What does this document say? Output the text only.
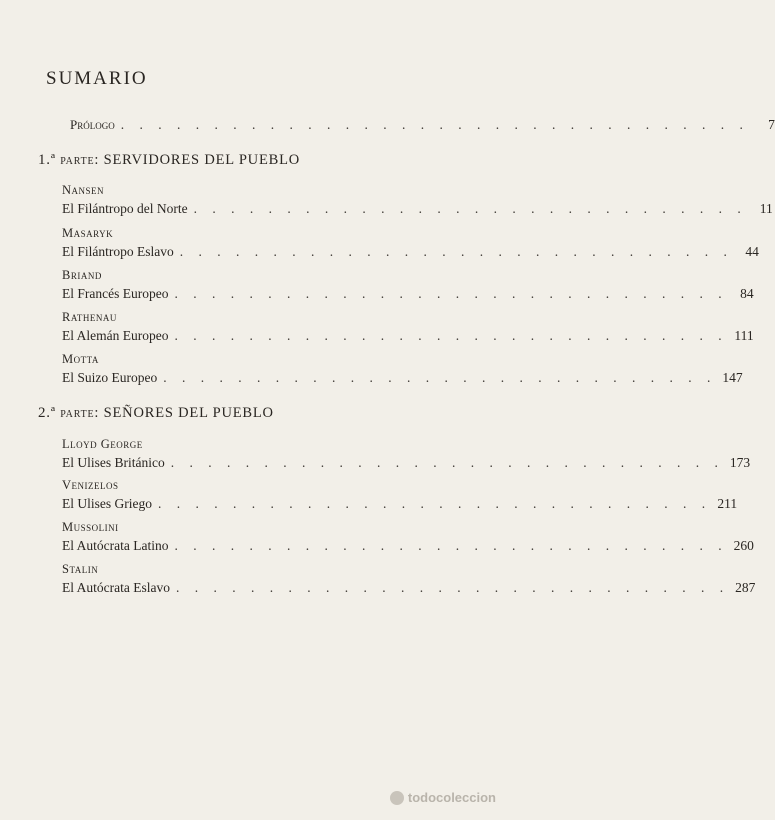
SUMARIO
Prólogo . . . . . . . . . . . . . . . . . . . . . . . . . . . . . . . . . .	7
1.ª parte: SERVIDORES DEL PUEBLO
Nansen
El Filántropo del Norte . . . . . . . . . . . . . . . . . . . . . . . . . . . . . . 11
Masaryk
El Filántropo Eslavo . . . . . . . . . . . . . . . . . . . . . . . . . . . . . . 44
Briand
El Francés Europeo . . . . . . . . . . . . . . . . . . . . . . . . . . . . . . 84
Rathenau
El Alemán Europeo . . . . . . . . . . . . . . . . . . . . . . . . . . . . . . 111
Motta
El Suizo Europeo . . . . . . . . . . . . . . . . . . . . . . . . . . . . . . 147
2.ª parte: SEÑORES DEL PUEBLO
Lloyd George
El Ulises Británico . . . . . . . . . . . . . . . . . . . . . . . . . . . . . . 173
Venizelos
El Ulises Griego . . . . . . . . . . . . . . . . . . . . . . . . . . . . . . 211
Mussolini
El Autócrata Latino . . . . . . . . . . . . . . . . . . . . . . . . . . . . . . 260
Stalin
El Autócrata Eslavo . . . . . . . . . . . . . . . . . . . . . . . . . . . . . . 287
todocoleccion
